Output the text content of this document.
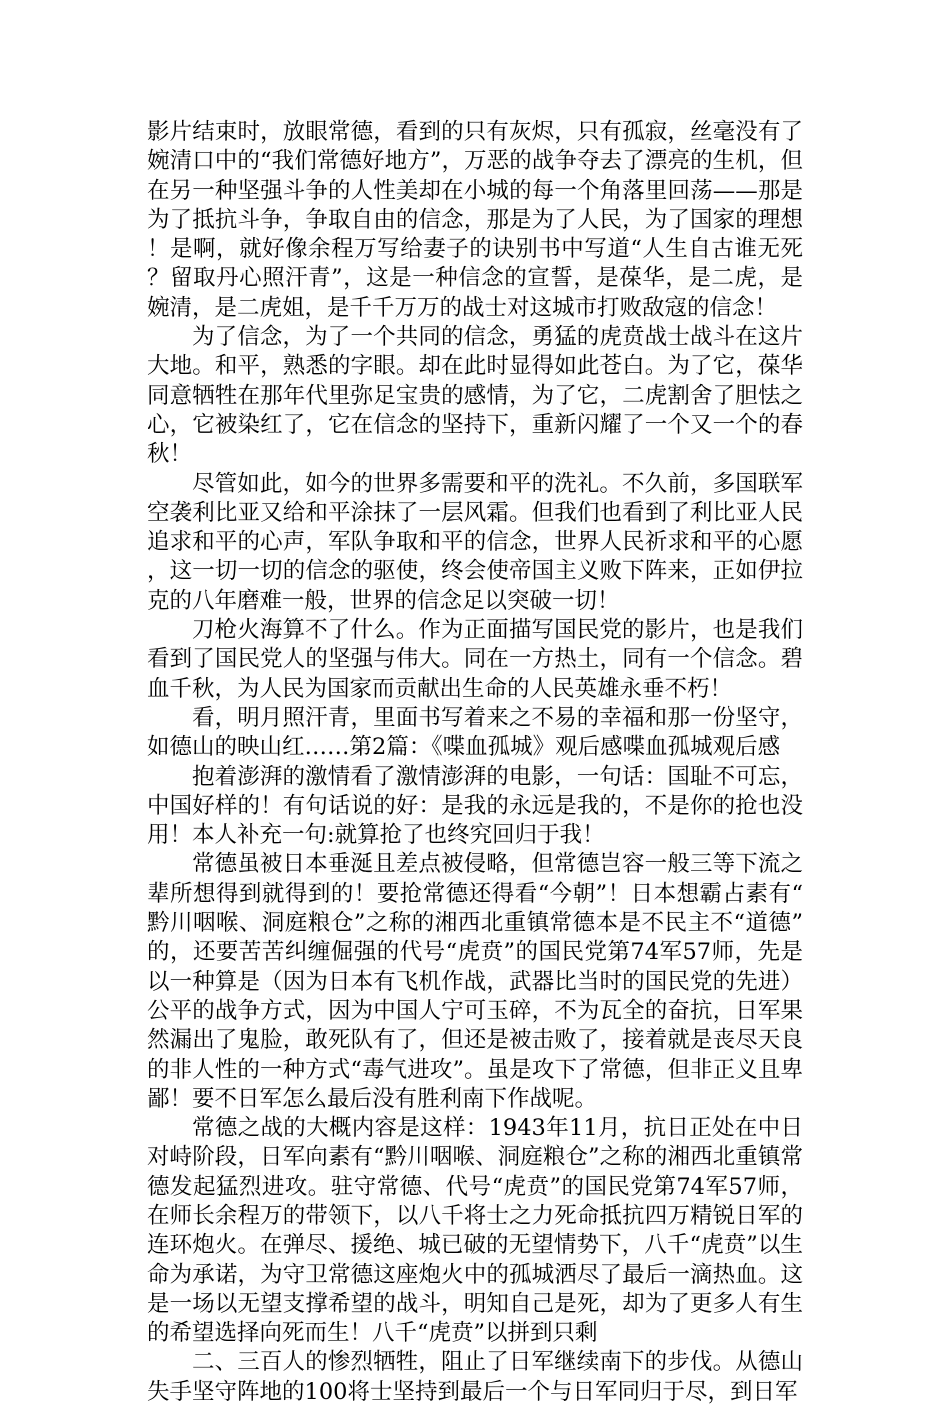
影片结束时，放眼常德，看到的只有灰烬，只有孤寂，丝毫没有了婉清口中的“我们常德好地方”，万恶的战争夺去了漂亮的生机，但在另一种坚强斗争的人性美却在小城的每一个角落里回荡——那是为了抵抗斗争，争取自由的信念，那是为了人民，为了国家的理想！是啊，就好像余程万写给妻子的诀别书中写道“人生自古谁无死？留取丹心照汗青”，这是一种信念的宣誓，是葆华，是二虎，是婉清，是二虎姐，是千千万万的战士对这城市打败敌寇的信念！

为了信念，为了一个共同的信念，勇猛的虎贲战士战斗在这片大地。和平，熟悉的字眼。却在此时显得如此苍白。为了它，葆华同意牺牲在那年代里弥足宝贵的感情，为了它，二虎割舍了胆怯之心，它被染红了，它在信念的坚持下，重新闪耀了一个又一个的春秋！

尽管如此，如今的世界多需要和平的洗礼。不久前，多国联军空袭利比亚又给和平涂抹了一层风霜。但我们也看到了利比亚人民追求和平的心声，军队争取和平的信念，世界人民祈求和平的心愿，这一切一切的信念的驱使，终会使帝国主义败下阵来，正如伊拉克的八年磨难一般，世界的信念足以突破一切！

刀枪火海算不了什么。作为正面描写国民党的影片，也是我们看到了国民党人的坚强与伟大。同在一方热土，同有一个信念。碧血千秋，为人民为国家而贡献出生命的人民英雄永垂不朽！

看，明月照汗青，里面书写着来之不易的幸福和那一份坚守，如德山的映山红……第2篇：《喋血孤城》观后感喋血孤城观后感

抱着澎湃的激情看了激情澎湃的电影，一句话：国耻不可忘，中国好样的！有句话说的好：是我的永远是我的，不是你的抢也没用！本人补充一句:就算抢了也终究回归于我！

常德虽被日本垂涎且差点被侵略，但常德岂容一般三等下流之辈所想得到就得到的！要抢常德还得看“今朝”！日本想霸占素有“黔川咽喉、洞庭粮仓”之称的湘西北重镇常德本是不民主不“道德”的，还要苦苦纠缠倔强的代号“虎贲”的国民党第74军57师，先是以一种算是（因为日本有飞机作战，武器比当时的国民党的先进）公平的战争方式，因为中国人宁可玉碎，不为瓦全的奋抗，日军果然漏出了鬼脸，敢死队有了，但还是被击败了，接着就是丧尽天良的非人性的一种方式“毒气进攻”。虽是攻下了常德，但非正义且卑鄙！要不日军怎么最后没有胜利南下作战呢。

常德之战的大概内容是这样：1943年11月，抗日正处在中日对峙阶段，日军向素有“黔川咽喉、洞庭粮仓”之称的湘西北重镇常德发起猛烈进攻。驻守常德、代号“虎贲”的国民党第74军57师，在师长余程万的带领下，以八千将士之力死命抵抗四万精锐日军的连环炮火。在弹尽、援绝、城已破的无望情势下，八千“虎贲”以生命为承诺，为守卫常德这座炮火中的孤城洒尽了最后一滴热血。这是一场以无望支撑希望的战斗，明知自己是死，却为了更多人有生的希望选择向死而生！八千“虎贲”以拼到只剩

二、三百人的惨烈牺牲，阻止了日军继续南下的步伐。从德山失手坚守阵地的100将士坚持到最后一个与日军同归于尽，到日军
